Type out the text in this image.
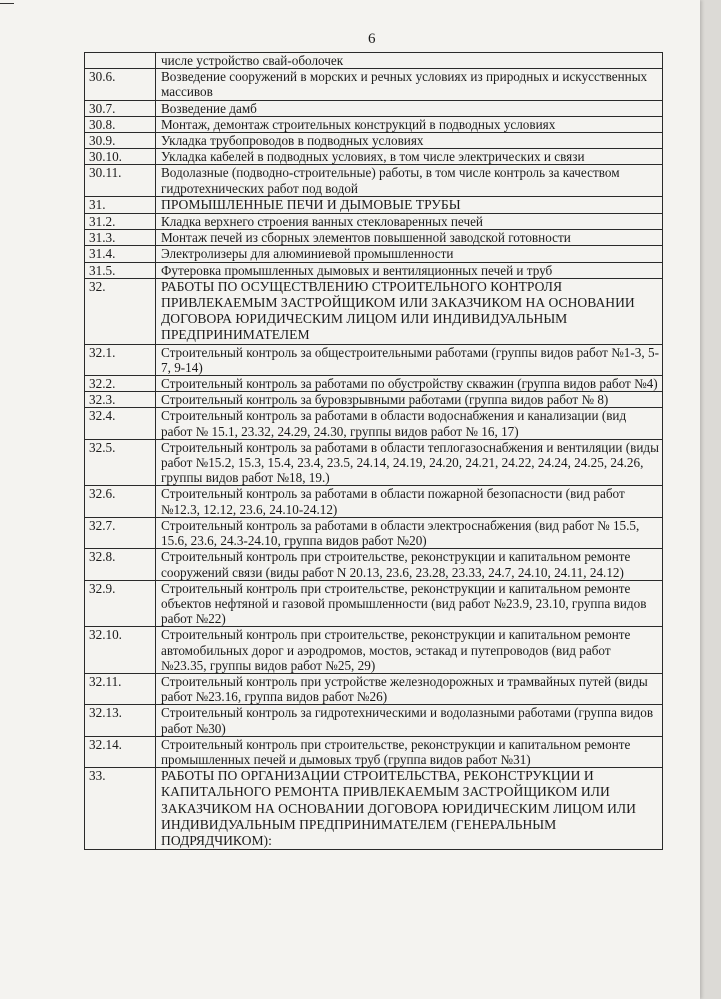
6
	числе устройство свай-оболочек
30.6.	Возведение сооружений в морских и речных условиях из природных и искусственных массивов
30.7.	Возведение дамб
30.8.	Монтаж, демонтаж строительных конструкций в подводных условиях
30.9.	Укладка трубопроводов в подводных условиях
30.10.	Укладка кабелей в подводных условиях, в том числе электрических и связи
30.11.	Водолазные (подводно-строительные) работы, в том числе контроль за качеством гидротехнических работ под водой
31.	ПРОМЫШЛЕННЫЕ ПЕЧИ И ДЫМОВЫЕ ТРУБЫ
31.2.	Кладка верхнего строения ванных стекловаренных печей
31.3.	Монтаж печей из сборных элементов повышенной заводской готовности
31.4.	Электролизеры для алюминиевой промышленности
31.5.	Футеровка промышленных дымовых и вентиляционных печей и труб
32.	РАБОТЫ ПО ОСУЩЕСТВЛЕНИЮ СТРОИТЕЛЬНОГО КОНТРОЛЯ ПРИВЛЕКАЕМЫМ ЗАСТРОЙЩИКОМ ИЛИ ЗАКАЗЧИКОМ НА ОСНОВАНИИ ДОГОВОРА ЮРИДИЧЕСКИМ ЛИЦОМ ИЛИ ИНДИВИДУАЛЬНЫМ ПРЕДПРИНИМАТЕЛЕМ
32.1.	Строительный контроль за общестроительными работами (группы видов работ №1-3, 5-7, 9-14)
32.2.	Строительный контроль за работами по обустройству скважин (группа видов работ №4)
32.3.	Строительный контроль за буровзрывными работами (группа видов работ № 8)
32.4.	Строительный контроль за работами в области водоснабжения и канализации (вид работ № 15.1, 23.32, 24.29, 24.30, группы видов работ № 16, 17)
32.5.	Строительный контроль за работами в области теплогазоснабжения и вентиляции (виды работ №15.2, 15.3, 15.4, 23.4, 23.5, 24.14, 24.19, 24.20, 24.21, 24.22, 24.24, 24.25, 24.26, группы видов работ №18, 19.)
32.6.	Строительный контроль за работами в области пожарной безопасности (вид работ №12.3, 12.12, 23.6, 24.10-24.12)
32.7.	Строительный контроль за работами в области электроснабжения (вид работ № 15.5, 15.6, 23.6, 24.3-24.10, группа видов работ №20)
32.8.	Строительный контроль при строительстве, реконструкции и капитальном ремонте сооружений связи (виды работ N 20.13, 23.6, 23.28, 23.33, 24.7, 24.10, 24.11, 24.12)
32.9.	Строительный контроль при строительстве, реконструкции и капитальном ремонте объектов нефтяной и газовой промышленности (вид работ №23.9, 23.10, группа видов работ №22)
32.10.	Строительный контроль при строительстве, реконструкции и капитальном ремонте автомобильных дорог и аэродромов, мостов, эстакад и путепроводов (вид работ №23.35, группы видов работ №25, 29)
32.11.	Строительный контроль при устройстве железнодорожных и трамвайных путей (виды работ №23.16, группа видов работ №26)
32.13.	Строительный контроль за гидротехническими и водолазными работами (группа видов работ №30)
32.14.	Строительный контроль при строительстве, реконструкции и капитальном ремонте промышленных печей и дымовых труб (группа видов работ №31)
33.	РАБОТЫ ПО ОРГАНИЗАЦИИ СТРОИТЕЛЬСТВА, РЕКОНСТРУКЦИИ И КАПИТАЛЬНОГО РЕМОНТА ПРИВЛЕКАЕМЫМ ЗАСТРОЙЩИКОМ ИЛИ ЗАКАЗЧИКОМ НА ОСНОВАНИИ ДОГОВОРА ЮРИДИЧЕСКИМ ЛИЦОМ ИЛИ ИНДИВИДУАЛЬНЫМ ПРЕДПРИНИМАТЕЛЕМ (ГЕНЕРАЛЬНЫМ ПОДРЯДЧИКОМ):
